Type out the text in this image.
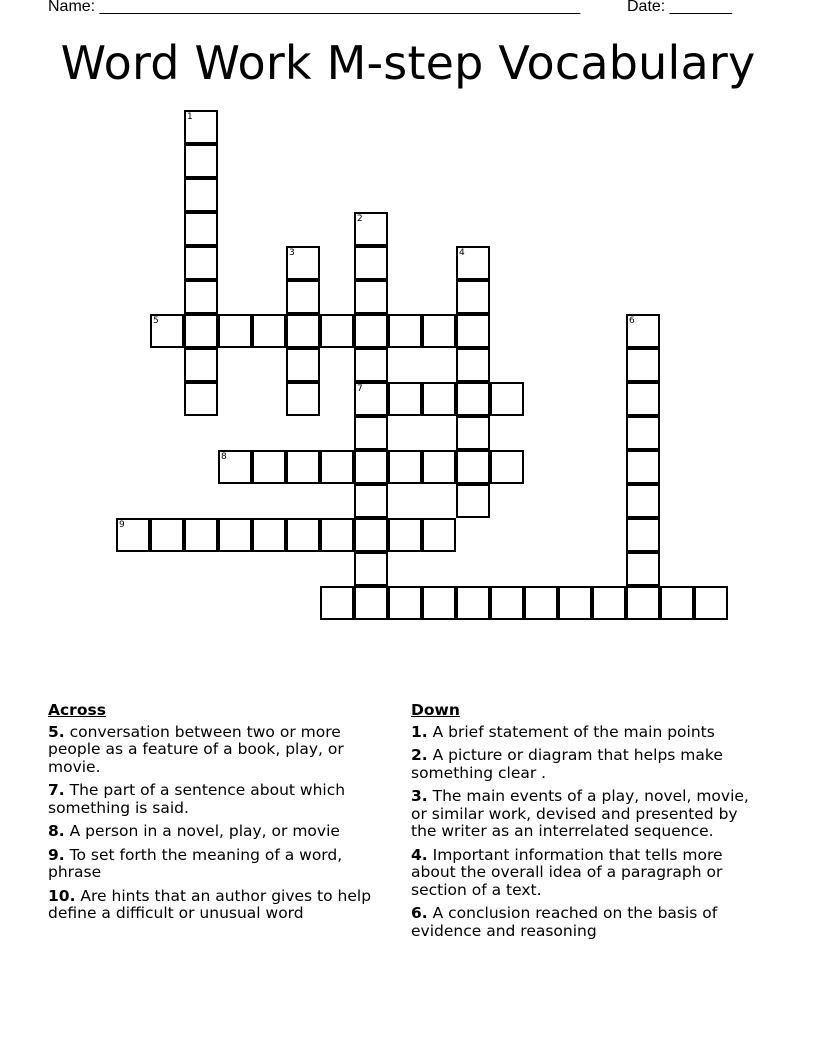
Name: ______________________________________________________	Date: _______
Word Work M-step Vocabulary
1
2
7
3	4
6
5
8
9
Across
5. conversation between two or more people as a feature of a book, play, or movie.
7. The part of a sentence about which something is said.
8. A person in a novel, play, or movie
9. To set forth the meaning of a word, phrase
10. Are hints that an author gives to help define a difficult or unusual word
Down
1. A brief statement of the main points
2. A picture or diagram that helps make something clear .
3. The main events of a play, novel, movie, or similar work, devised and presented by the writer as an interrelated sequence.
4. Important information that tells more about the overall idea of a paragraph or section of a text.
6. A conclusion reached on the basis of evidence and reasoning
